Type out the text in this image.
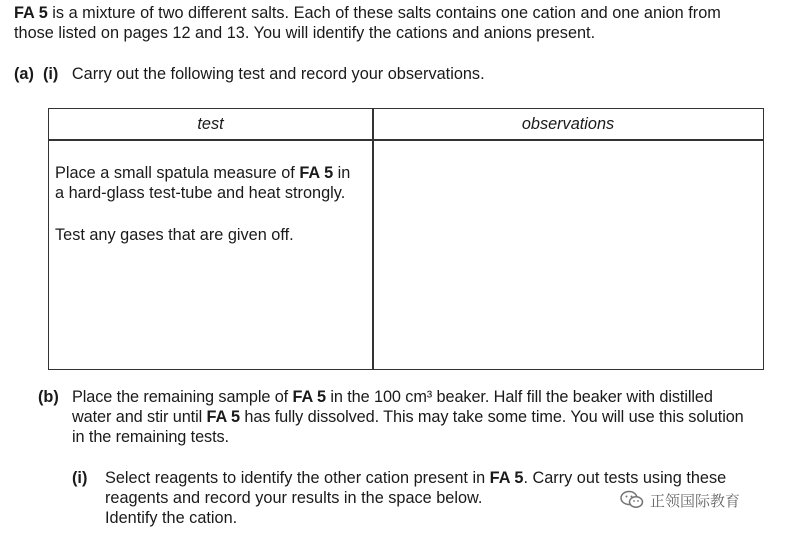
FA 5 is a mixture of two different salts. Each of these salts contains one cation and one anion from
those listed on pages 12 and 13. You will identify the cations and anions present.
(a) (i) Carry out the following test and record your observations.
test	observations
Place a small spatula measure of FA 5 in
a hard-glass test-tube and heat strongly.
Test any gases that are given off.
(b) Place the remaining sample of FA 5 in the 100 cm³ beaker. Half fill the beaker with distilled
water and stir until FA 5 has fully dissolved. This may take some time. You will use this solution
in the remaining tests.
(i) Select reagents to identify the other cation present in FA 5. Carry out tests using these
reagents and record your results in the space below.
Identify the cation.
正领国际教育
